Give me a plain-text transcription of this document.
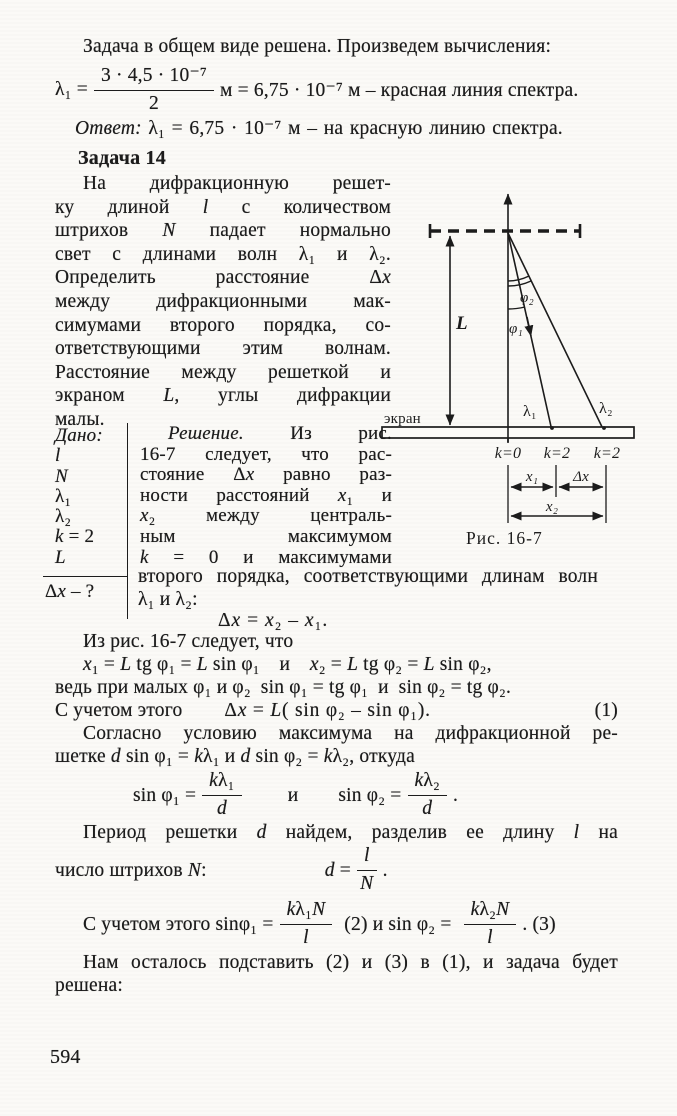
Задача в общем виде решена. Произведем вычисления:
$\lambda_1 = \frac{\text{3 · 4,5 · 10⁻⁷}}{2}$ м = 6,75 · 10⁻⁷ м – красная линия спектра.
Ответ: λ₁ = 6,75 · 10⁻⁷ м – на красную линию спектра.
Задача 14
На дифракционную решет-
ку длиной l с количеством
штрихов N падает нормально
свет с длинами волн λ₁ и λ₂.
Определить расстояние Δx
между дифракционными мак-
симумами второго порядка, со-
ответствующими этим волнам.
Расстояние между решеткой и
экраном L, углы дифракции
малы.	экран
L
φ₂
φ₁
λ₁	λ₂
k=0 k=2 k=2
x₁ Δx
x₂
Рис. 16-7
Дано:
l
N
λ₁
λ₂
k = 2
L
Δx – ?
Решение. Из рис.
16-7 следует, что рас-
стояние Δx равно раз-
ности расстояний x₁ и
x₂ между централь-
ным максимумом
k = 0 и максимумами
второго порядка, соответствующими длинам волн
λ₁ и λ₂:
Δx = x₂ – x₁.
Из рис. 16-7 следует, что
x₁ = L tg φ₁ = L sin φ₁ и x₂ = L tg φ₂ = L sin φ₂,
ведь при малых φ₁ и φ₂ sin φ₁ = tg φ₁ и sin φ₂ = tg φ₂.
С учетом этого Δx = L( sin φ₂ – sin φ₁).	(1)
Согласно условию максимума на дифракционной ре-
шетке d sin φ₁ = kλ₁ и d sin φ₂ = kλ₂, откуда
$\sin \varphi_1 = \frac{\text{kλ₁}}{d}$ и $\sin \varphi_2 = \frac{\text{kλ₂}}{d}$ .
Период решетки d найдем, разделив ее длину l на
число штрихов N:	$d = \frac{l}{N}$ .
С учетом этого $\sin\varphi_1 = \frac{\text{kλ₁N}}{l} (2)$ и $\sin \varphi_2 = \frac{\text{kλ₂N}}{l}$ . (3)
Нам осталось подставить (2) и (3) в (1), и задача будет
решена:
594
